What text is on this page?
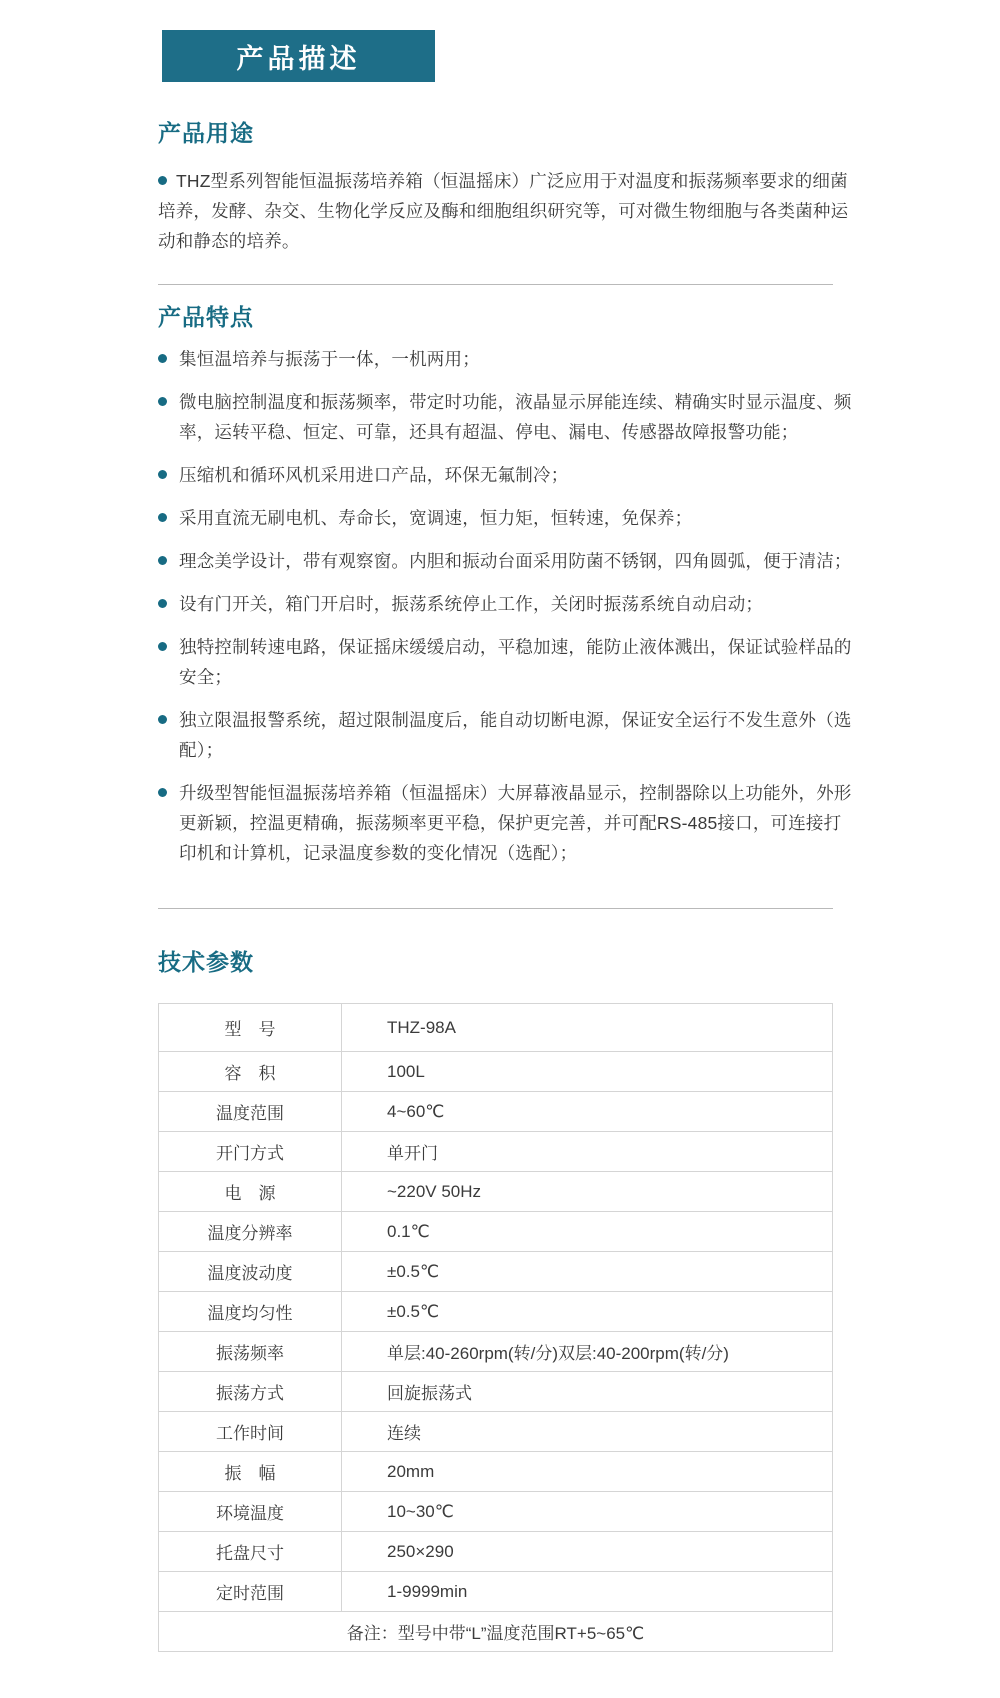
产品描述
产品用途

THZ型系列智能恒温振荡培养箱（恒温摇床）广泛应用于对温度和振荡频率要求的细菌培养，发酵、杂交、生物化学反应及酶和细胞组织研究等，可对微生物细胞与各类菌种运动和静态的培养。

产品特点
集恒温培养与振荡于一体，一机两用；
微电脑控制温度和振荡频率，带定时功能，液晶显示屏能连续、精确实时显示温度、频率，运转平稳、恒定、可靠，还具有超温、停电、漏电、传感器故障报警功能；
压缩机和循环风机采用进口产品，环保无氟制冷；
采用直流无刷电机、寿命长，宽调速，恒力矩，恒转速，免保养；
理念美学设计，带有观察窗。内胆和振动台面采用防菌不锈钢，四角圆弧，便于清洁；
设有门开关，箱门开启时，振荡系统停止工作，关闭时振荡系统自动启动；
独特控制转速电路，保证摇床缓缓启动，平稳加速，能防止液体溅出，保证试验样品的安全；
独立限温报警系统，超过限制温度后，能自动切断电源，保证安全运行不发生意外（选配）；
升级型智能恒温振荡培养箱（恒温摇床）大屏幕液晶显示，控制器除以上功能外，外形更新颖，控温更精确，振荡频率更平稳，保护更完善，并可配RS-485接口，可连接打印机和计算机，记录温度参数的变化情况（选配）；
技术参数
型　号	THZ-98A
容　积	100L
温度范围	4~60℃
开门方式	单开门
电　源	~220V 50Hz
温度分辨率	0.1℃
温度波动度	±0.5℃
温度均匀性	±0.5℃
振荡频率	单层:40-260rpm(转/分)双层:40-200rpm(转/分)
振荡方式	回旋振荡式
工作时间	连续
振　幅	20mm
环境温度	10~30℃
托盘尺寸	250×290
定时范围	1-9999min
备注：型号中带“L”温度范围RT+5~65℃	
